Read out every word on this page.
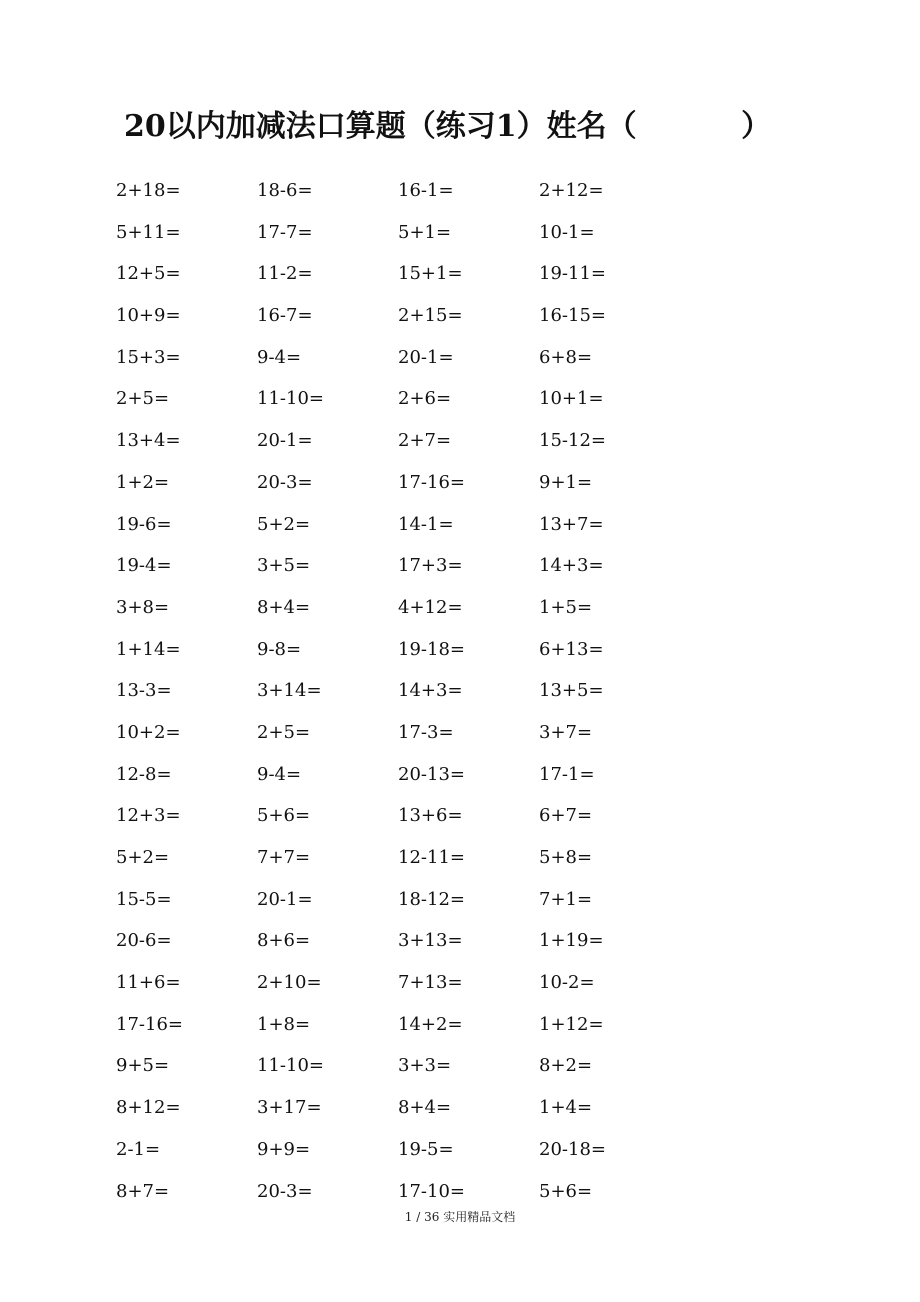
20以内加减法口算题（练习1）姓名（          ）
2+18=	18-6=	16-1=	2+12=
5+11=	17-7=	5+1=	10-1=
12+5=	11-2=	15+1=	19-11=
10+9=	16-7=	2+15=	16-15=
15+3=	9-4=	20-1=	6+8=
2+5=	11-10=	2+6=	10+1=
13+4=	20-1=	2+7=	15-12=
1+2=	20-3=	17-16=	9+1=
19-6=	5+2=	14-1=	13+7=
19-4=	3+5=	17+3=	14+3=
3+8=	8+4=	4+12=	1+5=
1+14=	9-8=	19-18=	6+13=
13-3=	3+14=	14+3=	13+5=
10+2=	2+5=	17-3=	3+7=
12-8=	9-4=	20-13=	17-1=
12+3=	5+6=	13+6=	6+7=
5+2=	7+7=	12-11=	5+8=
15-5=	20-1=	18-12=	7+1=
20-6=	8+6=	3+13=	1+19=
11+6=	2+10=	7+13=	10-2=
17-16=	1+8=	14+2=	1+12=
9+5=	11-10=	3+3=	8+2=
8+12=	3+17=	8+4=	1+4=
2-1=	9+9=	19-5=	20-18=
8+7=	20-3=	17-10=	5+6=
1 / 36 实用精品文档
